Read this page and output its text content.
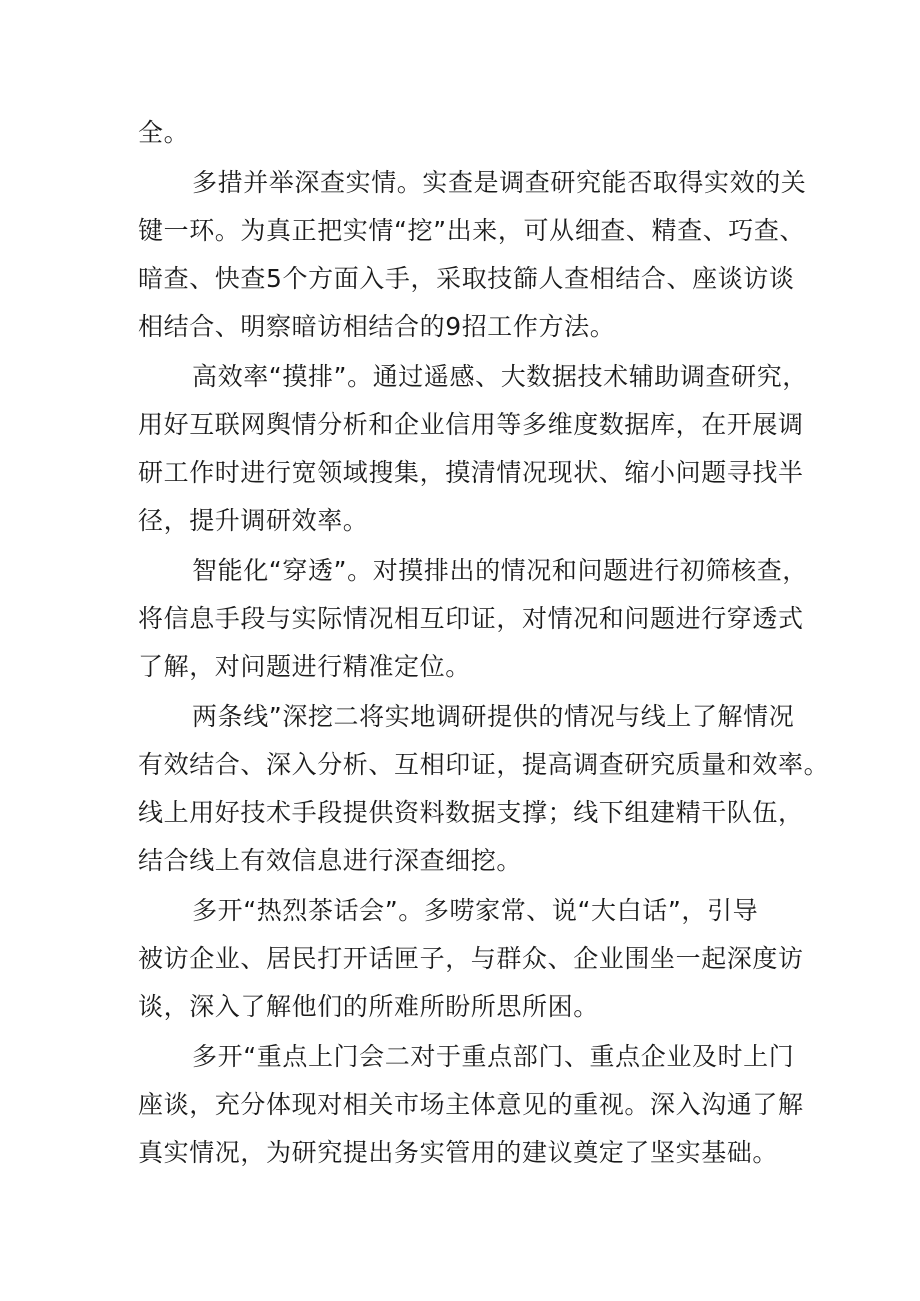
全。
多措并举深查实情。实查是调查研究能否取得实效的关
键一环。为真正把实情“挖”出来，可从细查、精查、巧查、
暗查、快查5个方面入手，采取技篩人查相结合、座谈访谈
相结合、明察暗访相结合的9招工作方法。
高效率“摸排”。通过遥感、大数据技术辅助调查研究，
用好互联网舆情分析和企业信用等多维度数据库，在开展调
研工作时进行宽领域搜集，摸清情况现状、缩小问题寻找半
径，提升调研效率。
智能化“穿透”。对摸排出的情况和问题进行初筛核查，
将信息手段与实际情况相互印证，对情况和问题进行穿透式
了解，对问题进行精准定位。
两条线”深挖二将实地调研提供的情况与线上了解情况
有效结合、深入分析、互相印证，提高调查研究质量和效率。
线上用好技术手段提供资料数据支撑；线下组建精干队伍，
结合线上有效信息进行深查细挖。
多开“热烈茶话会”。多唠家常、说“大白话”，引导
被访企业、居民打开话匣子，与群众、企业围坐一起深度访
谈，深入了解他们的所难所盼所思所困。
多开“重点上门会二对于重点部门、重点企业及时上门
座谈，充分体现对相关市场主体意见的重视。深入沟通了解
真实情况，为研究提出务实管用的建议奠定了坚实基础。
